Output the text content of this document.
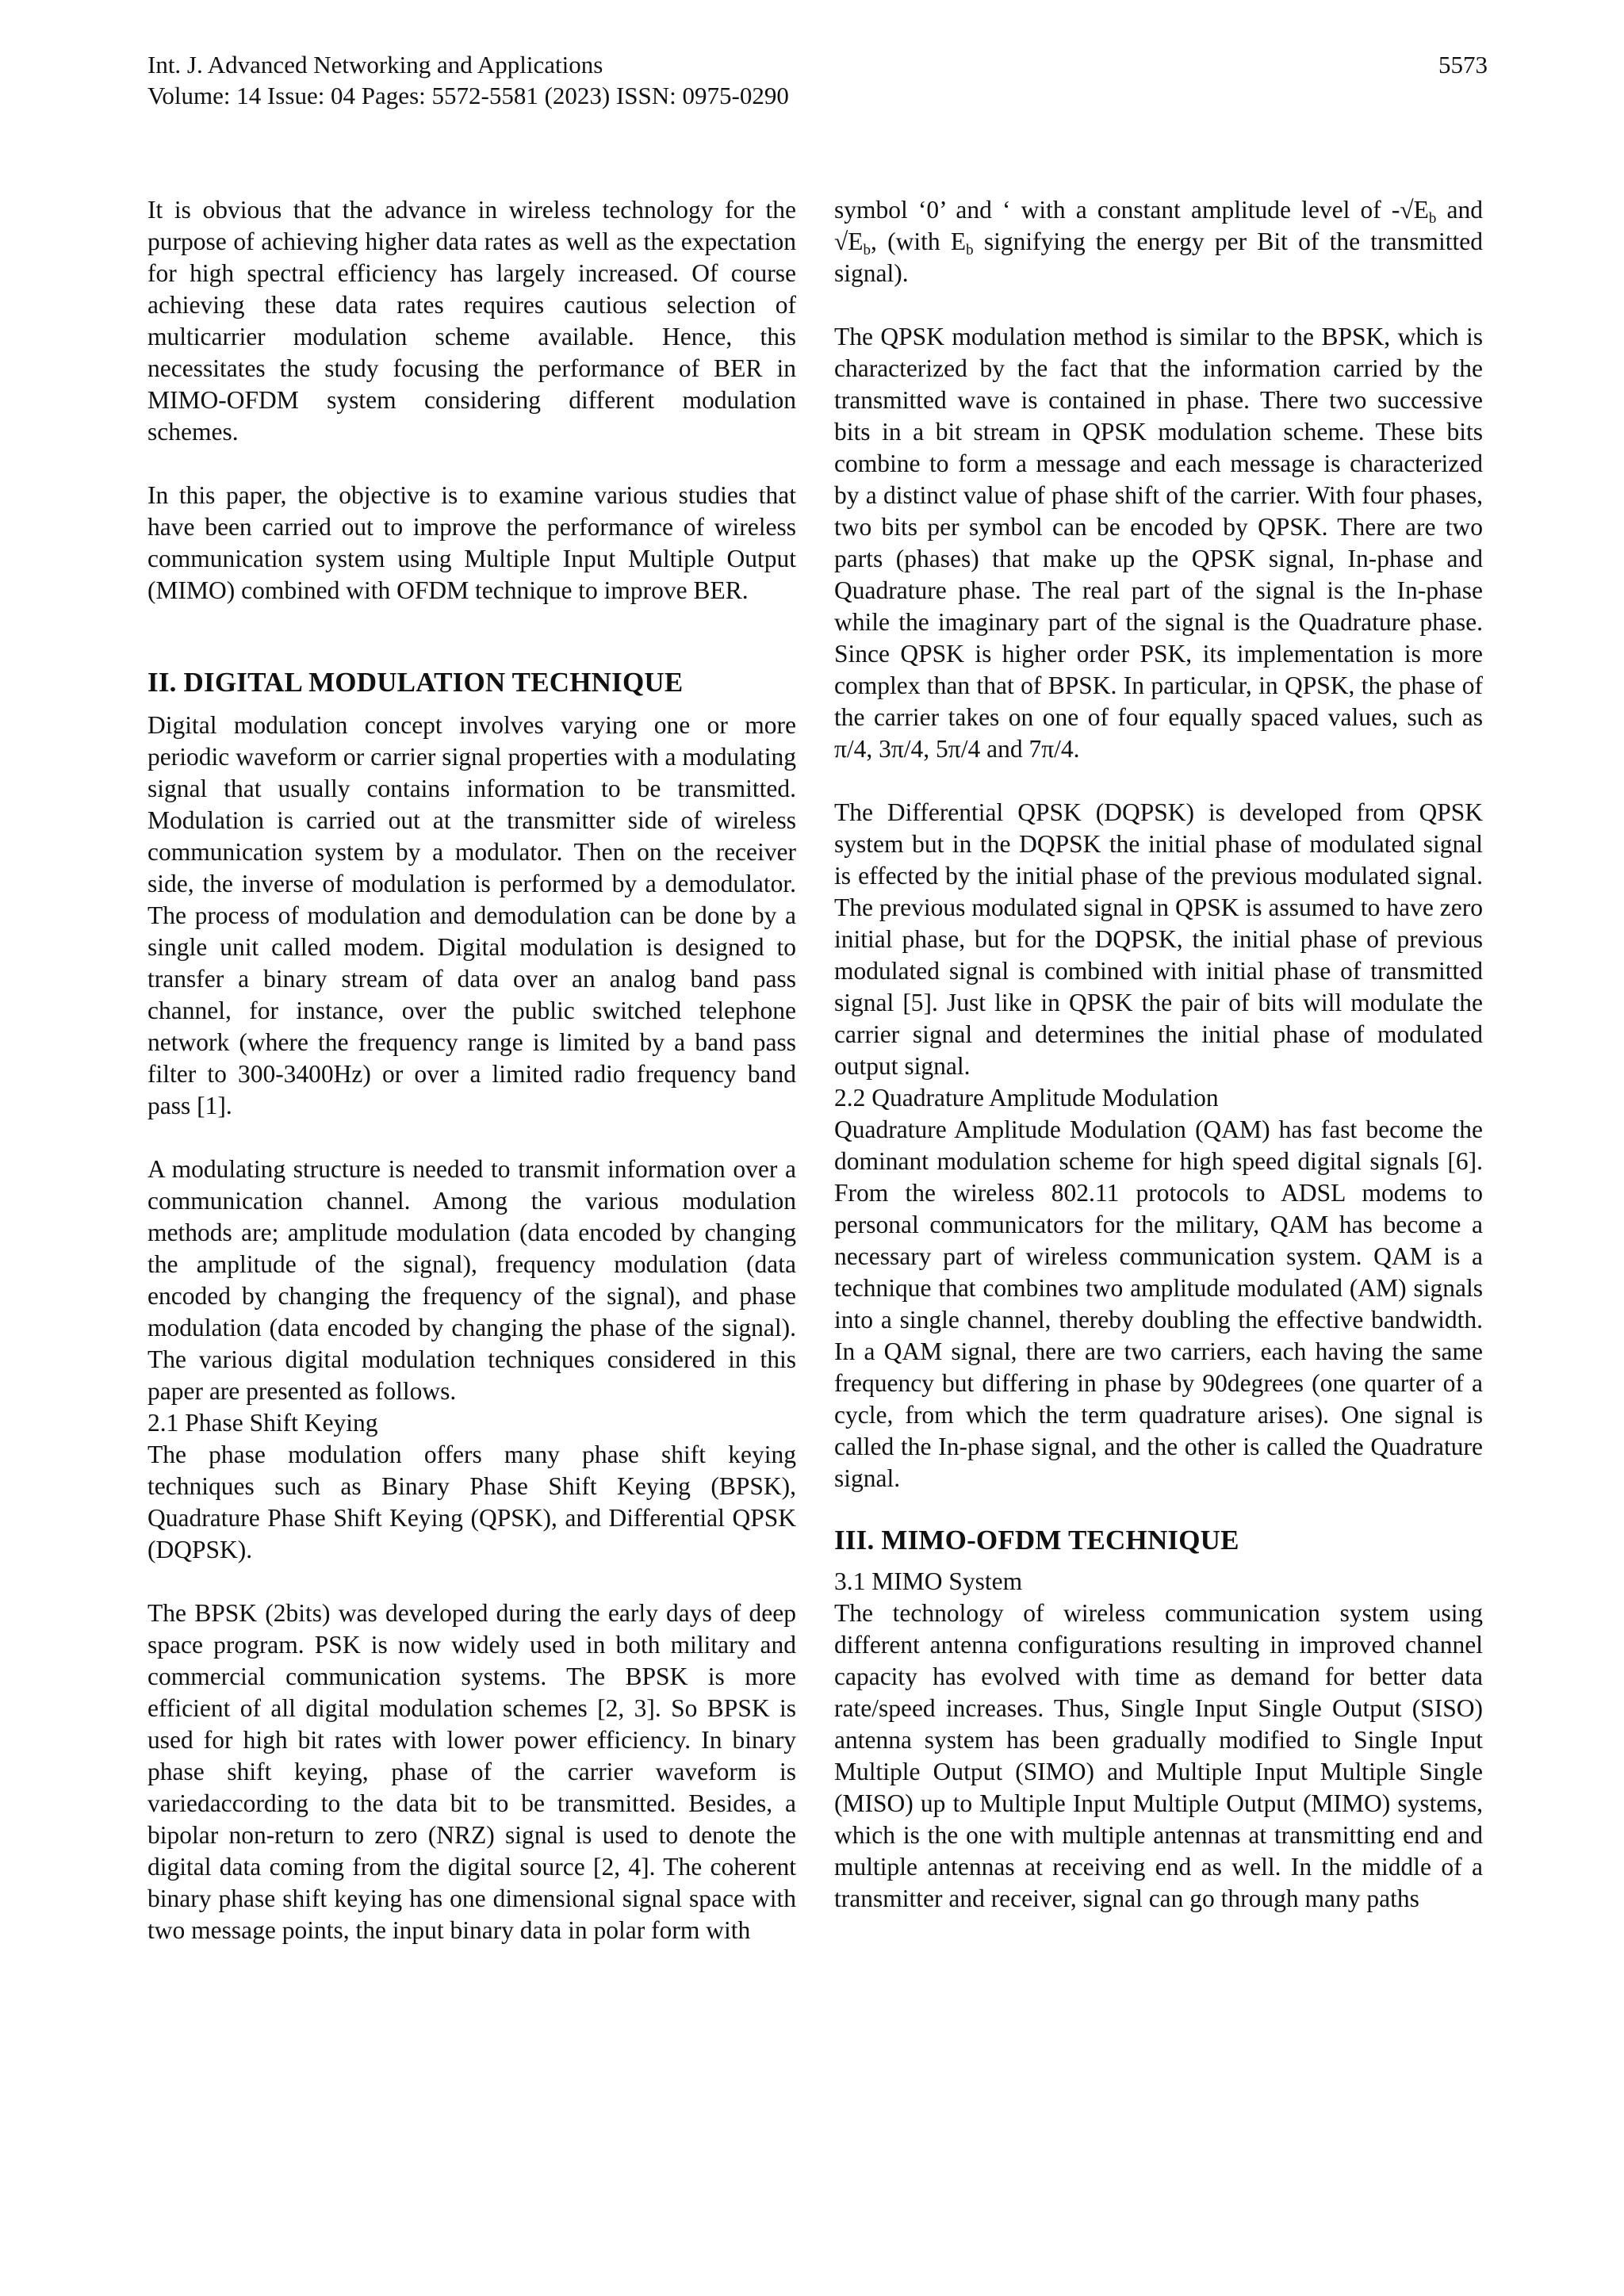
Int. J. Advanced Networking and Applications
Volume: 14 Issue: 04 Pages: 5572-5581 (2023) ISSN: 0975-0290
5573

It is obvious that the advance in wireless technology for the purpose of achieving higher data rates as well as the expectation for high spectral efficiency has largely increased. Of course achieving these data rates requires cautious selection of multicarrier modulation scheme available. Hence, this necessitates the study focusing the performance of BER in MIMO-OFDM system considering different modulation schemes.

In this paper, the objective is to examine various studies that have been carried out to improve the performance of wireless communication system using Multiple Input Multiple Output (MIMO) combined with OFDM technique to improve BER.

II. DIGITAL MODULATION TECHNIQUE

Digital modulation concept involves varying one or more periodic waveform or carrier signal properties with a modulating signal that usually contains information to be transmitted. Modulation is carried out at the transmitter side of wireless communication system by a modulator. Then on the receiver side, the inverse of modulation is performed by a demodulator. The process of modulation and demodulation can be done by a single unit called modem. Digital modulation is designed to transfer a binary stream of data over an analog band pass channel, for instance, over the public switched telephone network (where the frequency range is limited by a band pass filter to 300-3400Hz) or over a limited radio frequency band pass [1].

A modulating structure is needed to transmit information over a communication channel. Among the various modulation methods are; amplitude modulation (data encoded by changing the amplitude of the signal), frequency modulation (data encoded by changing the frequency of the signal), and phase modulation (data encoded by changing the phase of the signal). The various digital modulation techniques considered in this paper are presented as follows.

2.1 Phase Shift Keying

The phase modulation offers many phase shift keying techniques such as Binary Phase Shift Keying (BPSK), Quadrature Phase Shift Keying (QPSK), and Differential QPSK (DQPSK).

The BPSK (2bits) was developed during the early days of deep space program. PSK is now widely used in both military and commercial communication systems. The BPSK is more efficient of all digital modulation schemes [2, 3]. So BPSK is used for high bit rates with lower power efficiency. In binary phase shift keying, phase of the carrier waveform is variedaccording to the data bit to be transmitted. Besides, a bipolar non-return to zero (NRZ) signal is used to denote the digital data coming from the digital source [2, 4]. The coherent binary phase shift keying has one dimensional signal space with two message points, the input binary data in polar form with

symbol ‘0’ and ‘ with a constant amplitude level of $-√E_b$ and $√E_b$, (with $E_b$ signifying the energy per Bit of the transmitted signal).

The QPSK modulation method is similar to the BPSK, which is characterized by the fact that the information carried by the transmitted wave is contained in phase. There two successive bits in a bit stream in QPSK modulation scheme. These bits combine to form a message and each message is characterized by a distinct value of phase shift of the carrier. With four phases, two bits per symbol can be encoded by QPSK. There are two parts (phases) that make up the QPSK signal, In-phase and Quadrature phase. The real part of the signal is the In-phase while the imaginary part of the signal is the Quadrature phase. Since QPSK is higher order PSK, its implementation is more complex than that of BPSK. In particular, in QPSK, the phase of the carrier takes on one of four equally spaced values, such as π/4, 3π/4, 5π/4 and 7π/4.

The Differential QPSK (DQPSK) is developed from QPSK system but in the DQPSK the initial phase of modulated signal is effected by the initial phase of the previous modulated signal. The previous modulated signal in QPSK is assumed to have zero initial phase, but for the DQPSK, the initial phase of previous modulated signal is combined with initial phase of transmitted signal [5]. Just like in QPSK the pair of bits will modulate the carrier signal and determines the initial phase of modulated output signal.

2.2 Quadrature Amplitude Modulation

Quadrature Amplitude Modulation (QAM) has fast become the dominant modulation scheme for high speed digital signals [6]. From the wireless 802.11 protocols to ADSL modems to personal communicators for the military, QAM has become a necessary part of wireless communication system. QAM is a technique that combines two amplitude modulated (AM) signals into a single channel, thereby doubling the effective bandwidth. In a QAM signal, there are two carriers, each having the same frequency but differing in phase by 90degrees (one quarter of a cycle, from which the term quadrature arises). One signal is called the In-phase signal, and the other is called the Quadrature signal.

III. MIMO-OFDM TECHNIQUE
3.1 MIMO System

The technology of wireless communication system using different antenna configurations resulting in improved channel capacity has evolved with time as demand for better data rate/speed increases. Thus, Single Input Single Output (SISO) antenna system has been gradually modified to Single Input Multiple Output (SIMO) and Multiple Input Multiple Single (MISO) up to Multiple Input Multiple Output (MIMO) systems, which is the one with multiple antennas at transmitting end and multiple antennas at receiving end as well. In the middle of a transmitter and receiver, signal can go through many paths
